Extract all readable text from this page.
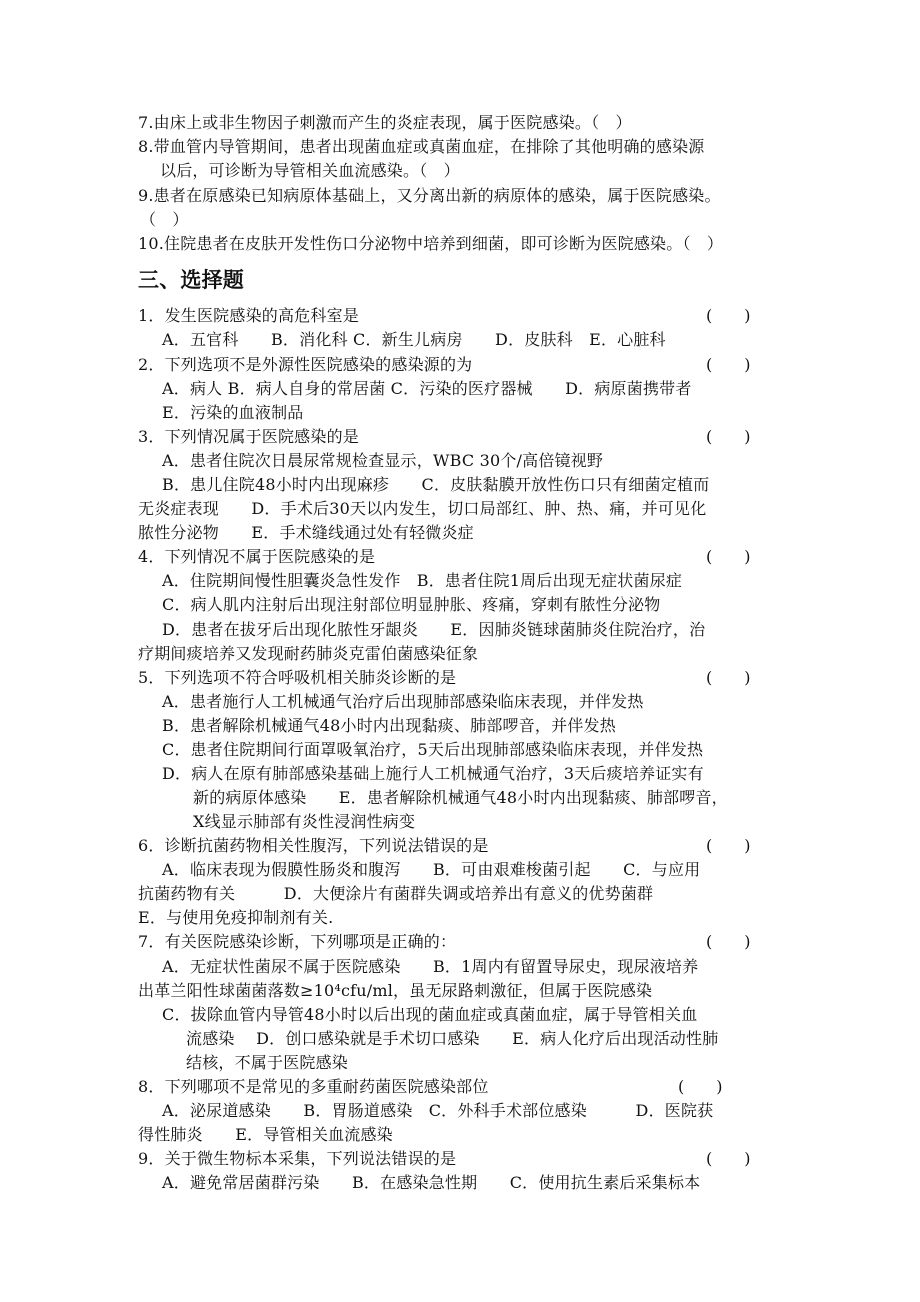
7.由床上或非生物因子刺激而产生的炎症表现，属于医院感染。（　）
8.带血管内导管期间，患者出现菌血症或真菌血症，在排除了其他明确的感染源
以后，可诊断为导管相关血流感染。（　）
9.患者在原感染已知病原体基础上，又分离出新的病原体的感染，属于医院感染。
（　）
10.住院患者在皮肤开发性伤口分泌物中培养到细菌，即可诊断为医院感染。（　）
三、选择题
1．发生医院感染的高危科室是	(　　)
A．五官科　　B．消化科 C．新生儿病房　　D．皮肤科　E．心脏科
2．下列选项不是外源性医院感染的感染源的为	(　　)
A．病人 B．病人自身的常居菌 C．污染的医疗器械　　D．病原菌携带者
E．污染的血液制品
3．下列情况属于医院感染的是	(　　)
A．患者住院次日晨尿常规检查显示，WBC 30个/高倍镜视野
B．患儿住院48小时内出现麻疹　　C．皮肤黏膜开放性伤口只有细菌定植而
无炎症表现　　D．手术后30天以内发生，切口局部红、肿、热、痛，并可见化
脓性分泌物　　E．手术缝线通过处有轻微炎症
4．下列情况不属于医院感染的是	(　　)
A．住院期间慢性胆囊炎急性发作　B．患者住院1周后出现无症状菌尿症
C．病人肌内注射后出现注射部位明显肿胀、疼痛，穿刺有脓性分泌物
D．患者在拔牙后出现化脓性牙龈炎　　E．因肺炎链球菌肺炎住院治疗，治
疗期间痰培养又发现耐药肺炎克雷伯菌感染征象
5．下列选项不符合呼吸机相关肺炎诊断的是	(　　)
A．患者施行人工机械通气治疗后出现肺部感染临床表现，并伴发热
B．患者解除机械通气48小时内出现黏痰、肺部啰音，并伴发热
C．患者住院期间行面罩吸氧治疗，5天后出现肺部感染临床表现，并伴发热
D．病人在原有肺部感染基础上施行人工机械通气治疗，3天后痰培养证实有
新的病原体感染　　E．患者解除机械通气48小时内出现黏痰、肺部啰音，
X线显示肺部有炎性浸润性病变
6．诊断抗菌药物相关性腹泻，下列说法错误的是	(　　)
A．临床表现为假膜性肠炎和腹泻　　B．可由艰难梭菌引起　　C．与应用
抗菌药物有关　　　D．大便涂片有菌群失调或培养出有意义的优势菌群
E．与使用免疫抑制剂有关.
7．有关医院感染诊断，下列哪项是正确的：	(　　)
A．无症状性菌尿不属于医院感染　　B．1周内有留置导尿史，现尿液培养
出革兰阳性球菌菌落数≥10⁴cfu/ml，虽无尿路刺激征，但属于医院感染
C．拔除血管内导管48小时以后出现的菌血症或真菌血症，属于导管相关血
流感染　 D．创口感染就是手术切口感染　　E．病人化疗后出现活动性肺
结核，不属于医院感染
8．下列哪项不是常见的多重耐药菌医院感染部位	(　　)
A．泌尿道感染　　B．胃肠道感染　C．外科手术部位感染　　　D．医院获
得性肺炎　　E．导管相关血流感染
9．关于微生物标本采集，下列说法错误的是	(　　)
A．避免常居菌群污染　　B．在感染急性期　　C．使用抗生素后采集标本
